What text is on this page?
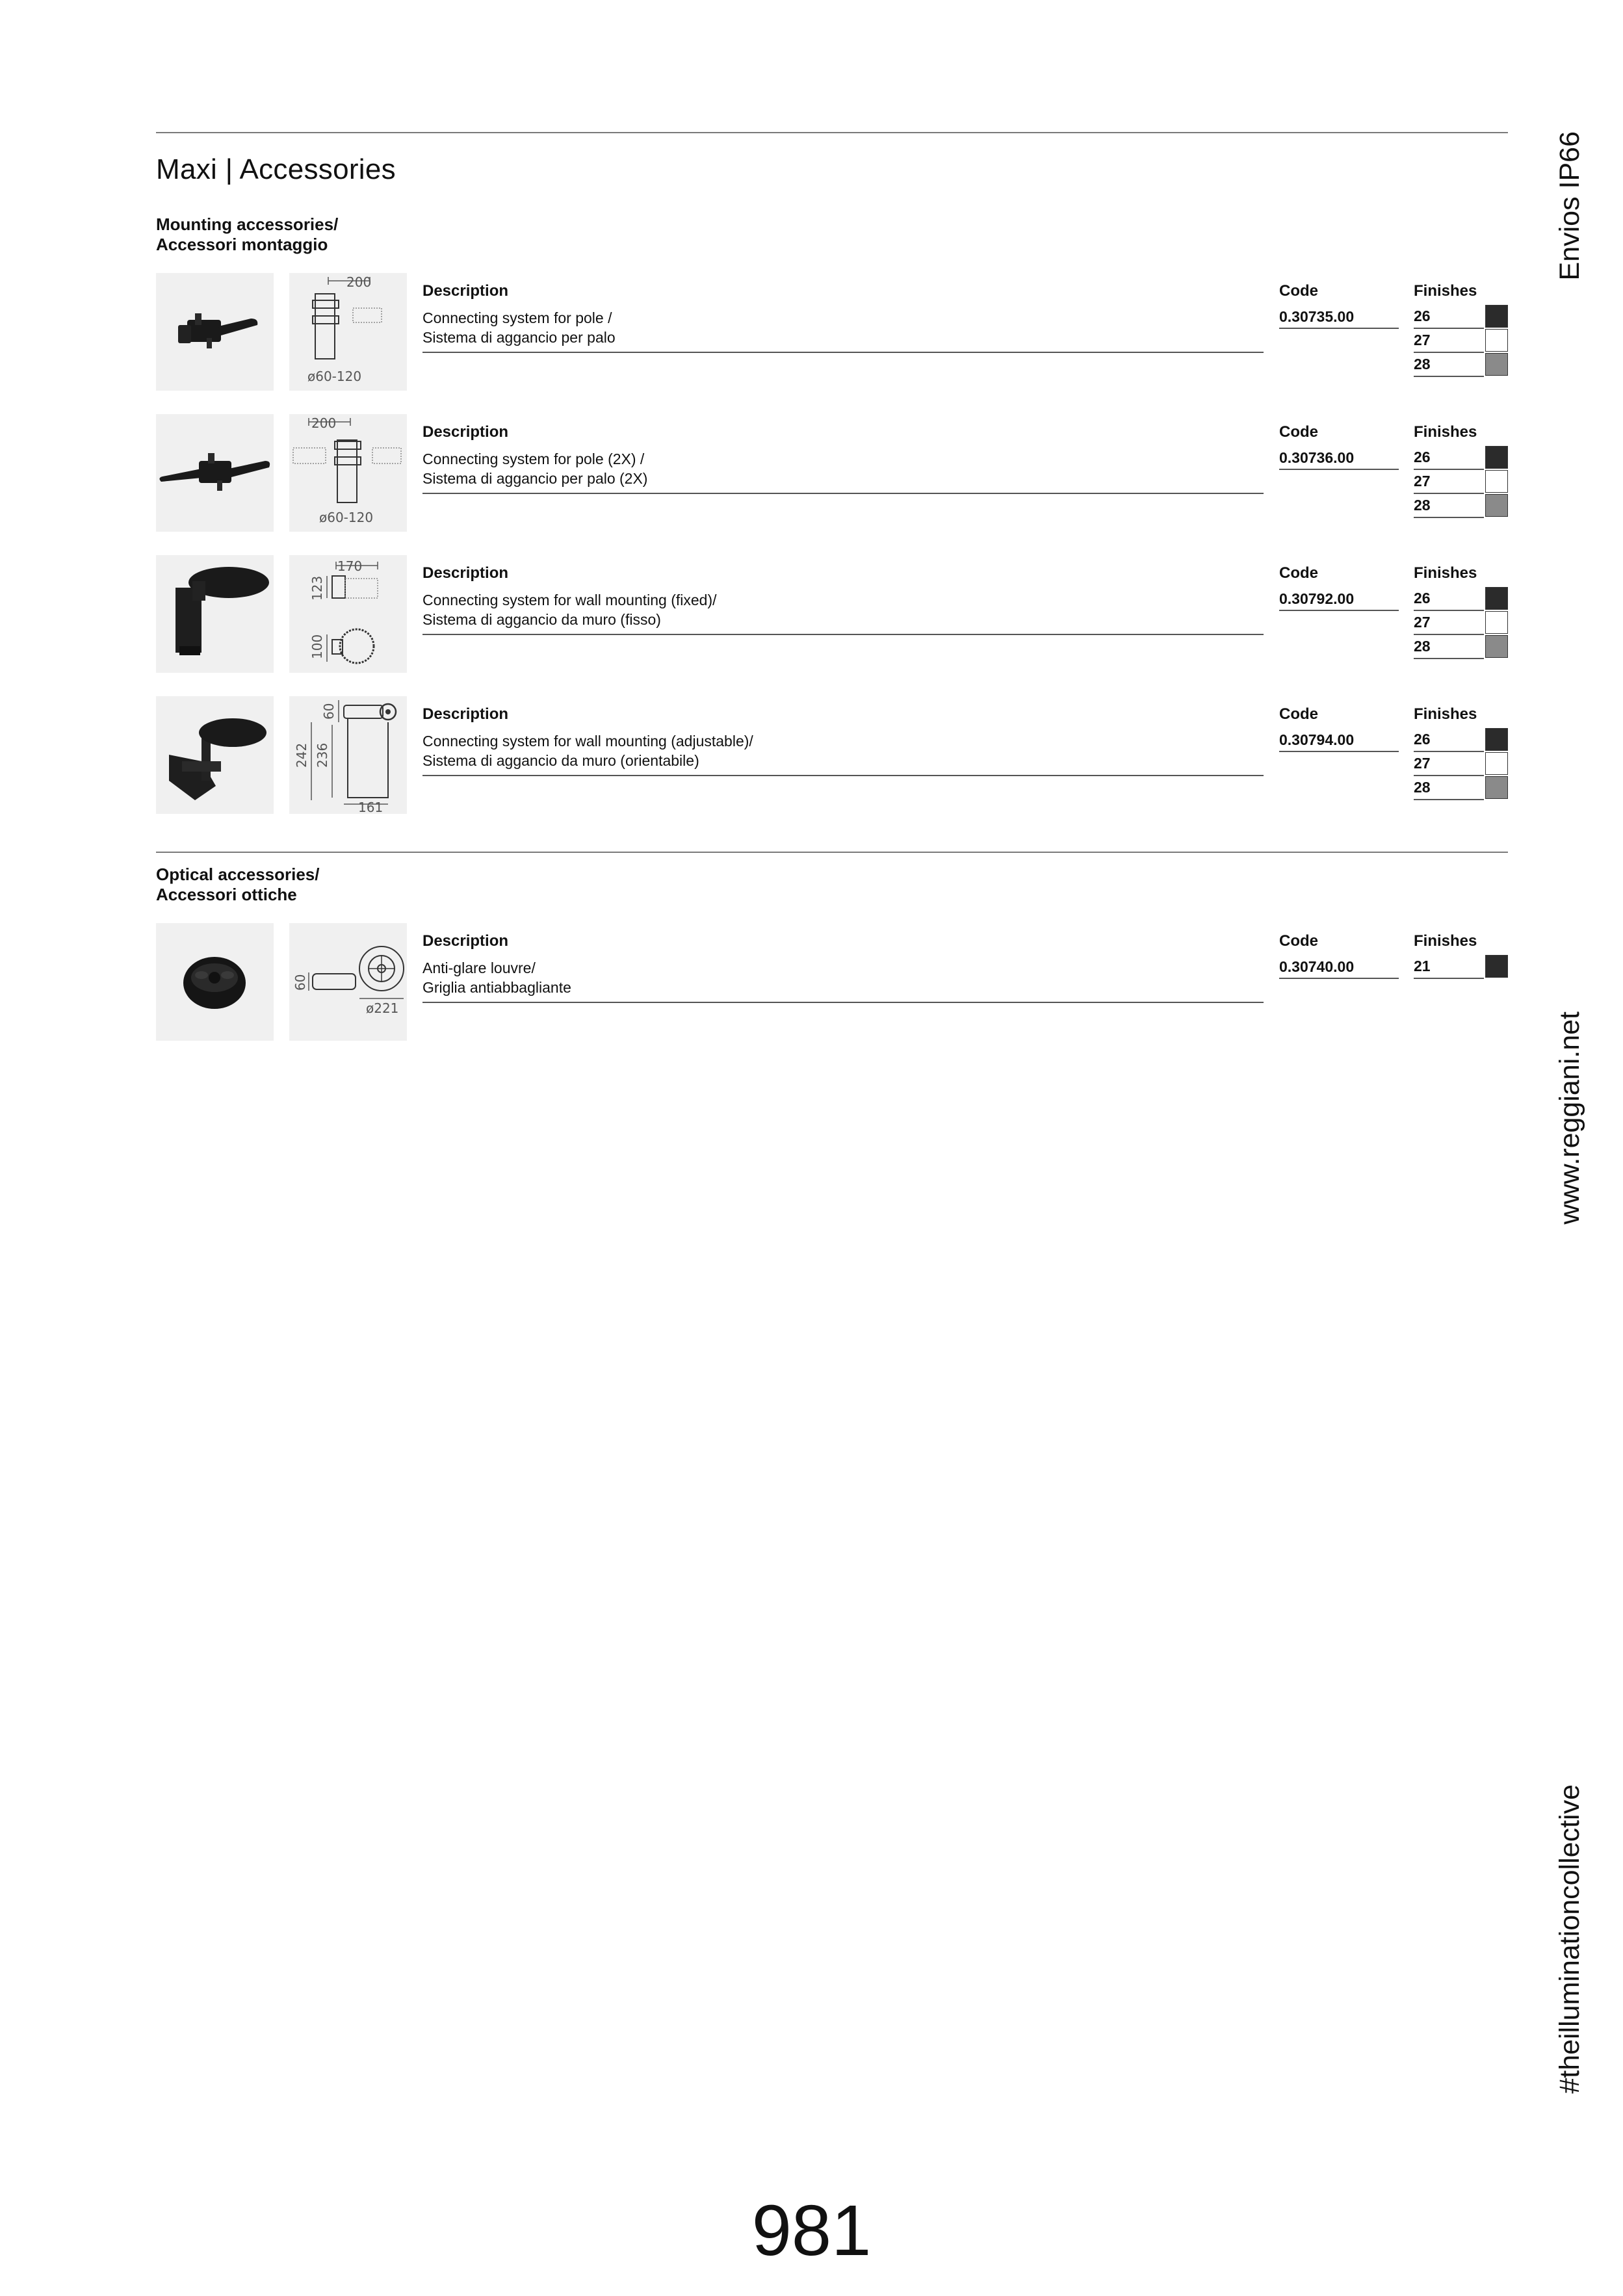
Maxi | Accessories	Envios IP66
www.reggiani.net
#theilluminationcollective
Mounting accessories/
Accessori montaggio
200
ø60-120
Description
Connecting system for pole /
Sistema di aggancio per palo
Code
0.30735.00
Finishes
26
27
28
200
ø60-120
Description
Connecting system for pole (2X) /
Sistema di aggancio per palo (2X)
Code
0.30736.00
Finishes
26
27
28
170
123
100
Description
Connecting system for wall mounting (fixed)/
Sistema di aggancio da muro (fisso)
Code
0.30792.00
Finishes
26
27
28
60
242 236
161
Description
Connecting system for wall mounting (adjustable)/
Sistema di aggancio da muro (orientabile)
Code
0.30794.00
Finishes
26
27
28
Optical accessories/
Accessori ottiche
60
ø221
Description
Anti-glare louvre/
Griglia antiabbagliante
Code
0.30740.00
Finishes
21
981
